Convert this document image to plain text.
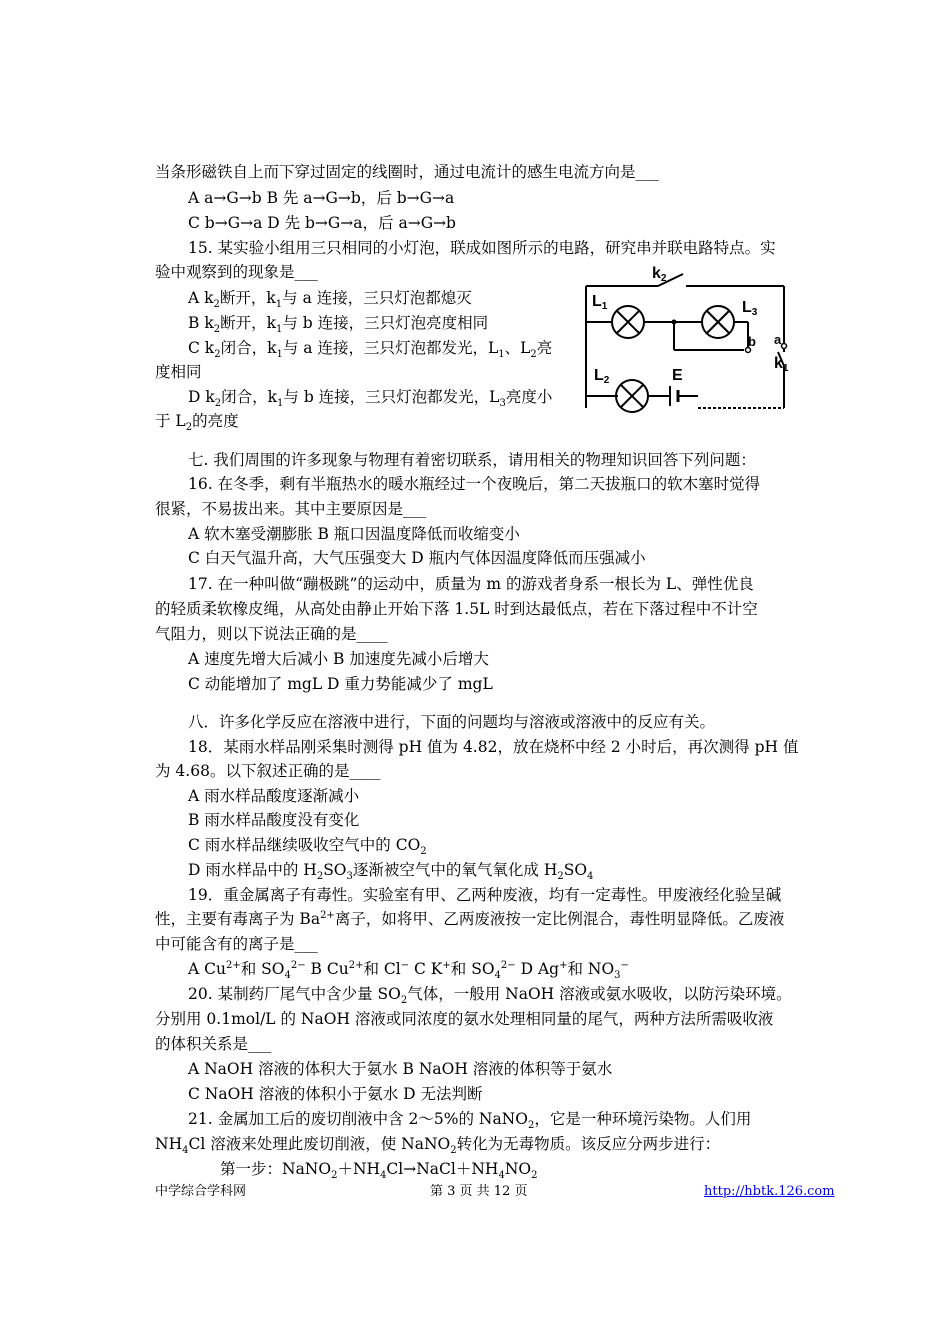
当条形磁铁自上而下穿过固定的线圈时，通过电流计的感生电流方向是___
A a→G→b B 先 a→G→b，后 b→G→a
C b→G→a D 先 b→G→a，后 a→G→b
15. 某实验小组用三只相同的小灯泡，联成如图所示的电路，研究串并联电路特点。实
验中观察到的现象是___
A $k_2$断开，$k_1$与 a 连接，三只灯泡都熄灭
B $k_2$断开，$k_1$与 b 连接，三只灯泡亮度相同
C $k_2$闭合，$k_1$与 a 连接，三只灯泡都发光，$L_1$、$L_2$亮
度相同
D $k_2$闭合，$k_1$与 b 连接，三只灯泡都发光，$L_3$亮度小
于 $L_2$的亮度
k2
L1	L3
L2	E
b a
k1
七. 我们周围的许多现象与物理有着密切联系，请用相关的物理知识回答下列问题：
16. 在冬季，剩有半瓶热水的暖水瓶经过一个夜晚后，第二天拔瓶口的软木塞时觉得
很紧，不易拔出来。其中主要原因是___
A 软木塞受潮膨胀 B 瓶口因温度降低而收缩变小
C 白天气温升高，大气压强变大 D 瓶内气体因温度降低而压强减小
17. 在一种叫做“蹦极跳”的运动中，质量为 m 的游戏者身系一根长为 L、弹性优良
的轻质柔软橡皮绳，从高处由静止开始下落 1.5L 时到达最低点，若在下落过程中不计空
气阻力，则以下说法正确的是____
A 速度先增大后减小 B 加速度先减小后增大
C 动能增加了 mgL D 重力势能减少了 mgL
八．许多化学反应在溶液中进行，下面的问题均与溶液或溶液中的反应有关。
18．某雨水样品刚采集时测得 pH 值为 4.82，放在烧杯中经 2 小时后，再次测得 pH 值
为 4.68。以下叙述正确的是____
A 雨水样品酸度逐渐减小
B 雨水样品酸度没有变化
C 雨水样品继续吸收空气中的 $CO_2$
D 雨水样品中的 $H_2SO_3$逐渐被空气中的氧气氧化成 $H_2SO_4$
19．重金属离子有毒性。实验室有甲、乙两种废液，均有一定毒性。甲废液经化验呈碱
性，主要有毒离子为 $Ba^{2+}$离子，如将甲、乙两废液按一定比例混合，毒性明显降低。乙废液
中可能含有的离子是___
A $Cu^{2+}$和 $SO_4^{2-}$ B $Cu^{2+}$和 Cl− C K+和 $SO_4^{2-}$ D Ag+和 $NO_3^-$
20. 某制药厂尾气中含少量 $SO_2$气体，一般用 NaOH 溶液或氨水吸收，以防污染环境。
分别用 0.1mol/L 的 NaOH 溶液或同浓度的氨水处理相同量的尾气，两种方法所需吸收液
的体积关系是___
A NaOH 溶液的体积大于氨水 B NaOH 溶液的体积等于氨水
C NaOH 溶液的体积小于氨水 D 无法判断
21. 金属加工后的废切削液中含 2～5%的 NaNO$_2$，它是一种环境污染物。人们用
$NH_4Cl$ 溶液来处理此废切削液，使 NaNO$_2$转化为无毒物质。该反应分两步进行：
第一步：$NaNO_2+NH_4Cl\to NaCl+NH_4NO_2$
中学综合学科网	第 3 页 共 12 页	http://hbtk.126.com
